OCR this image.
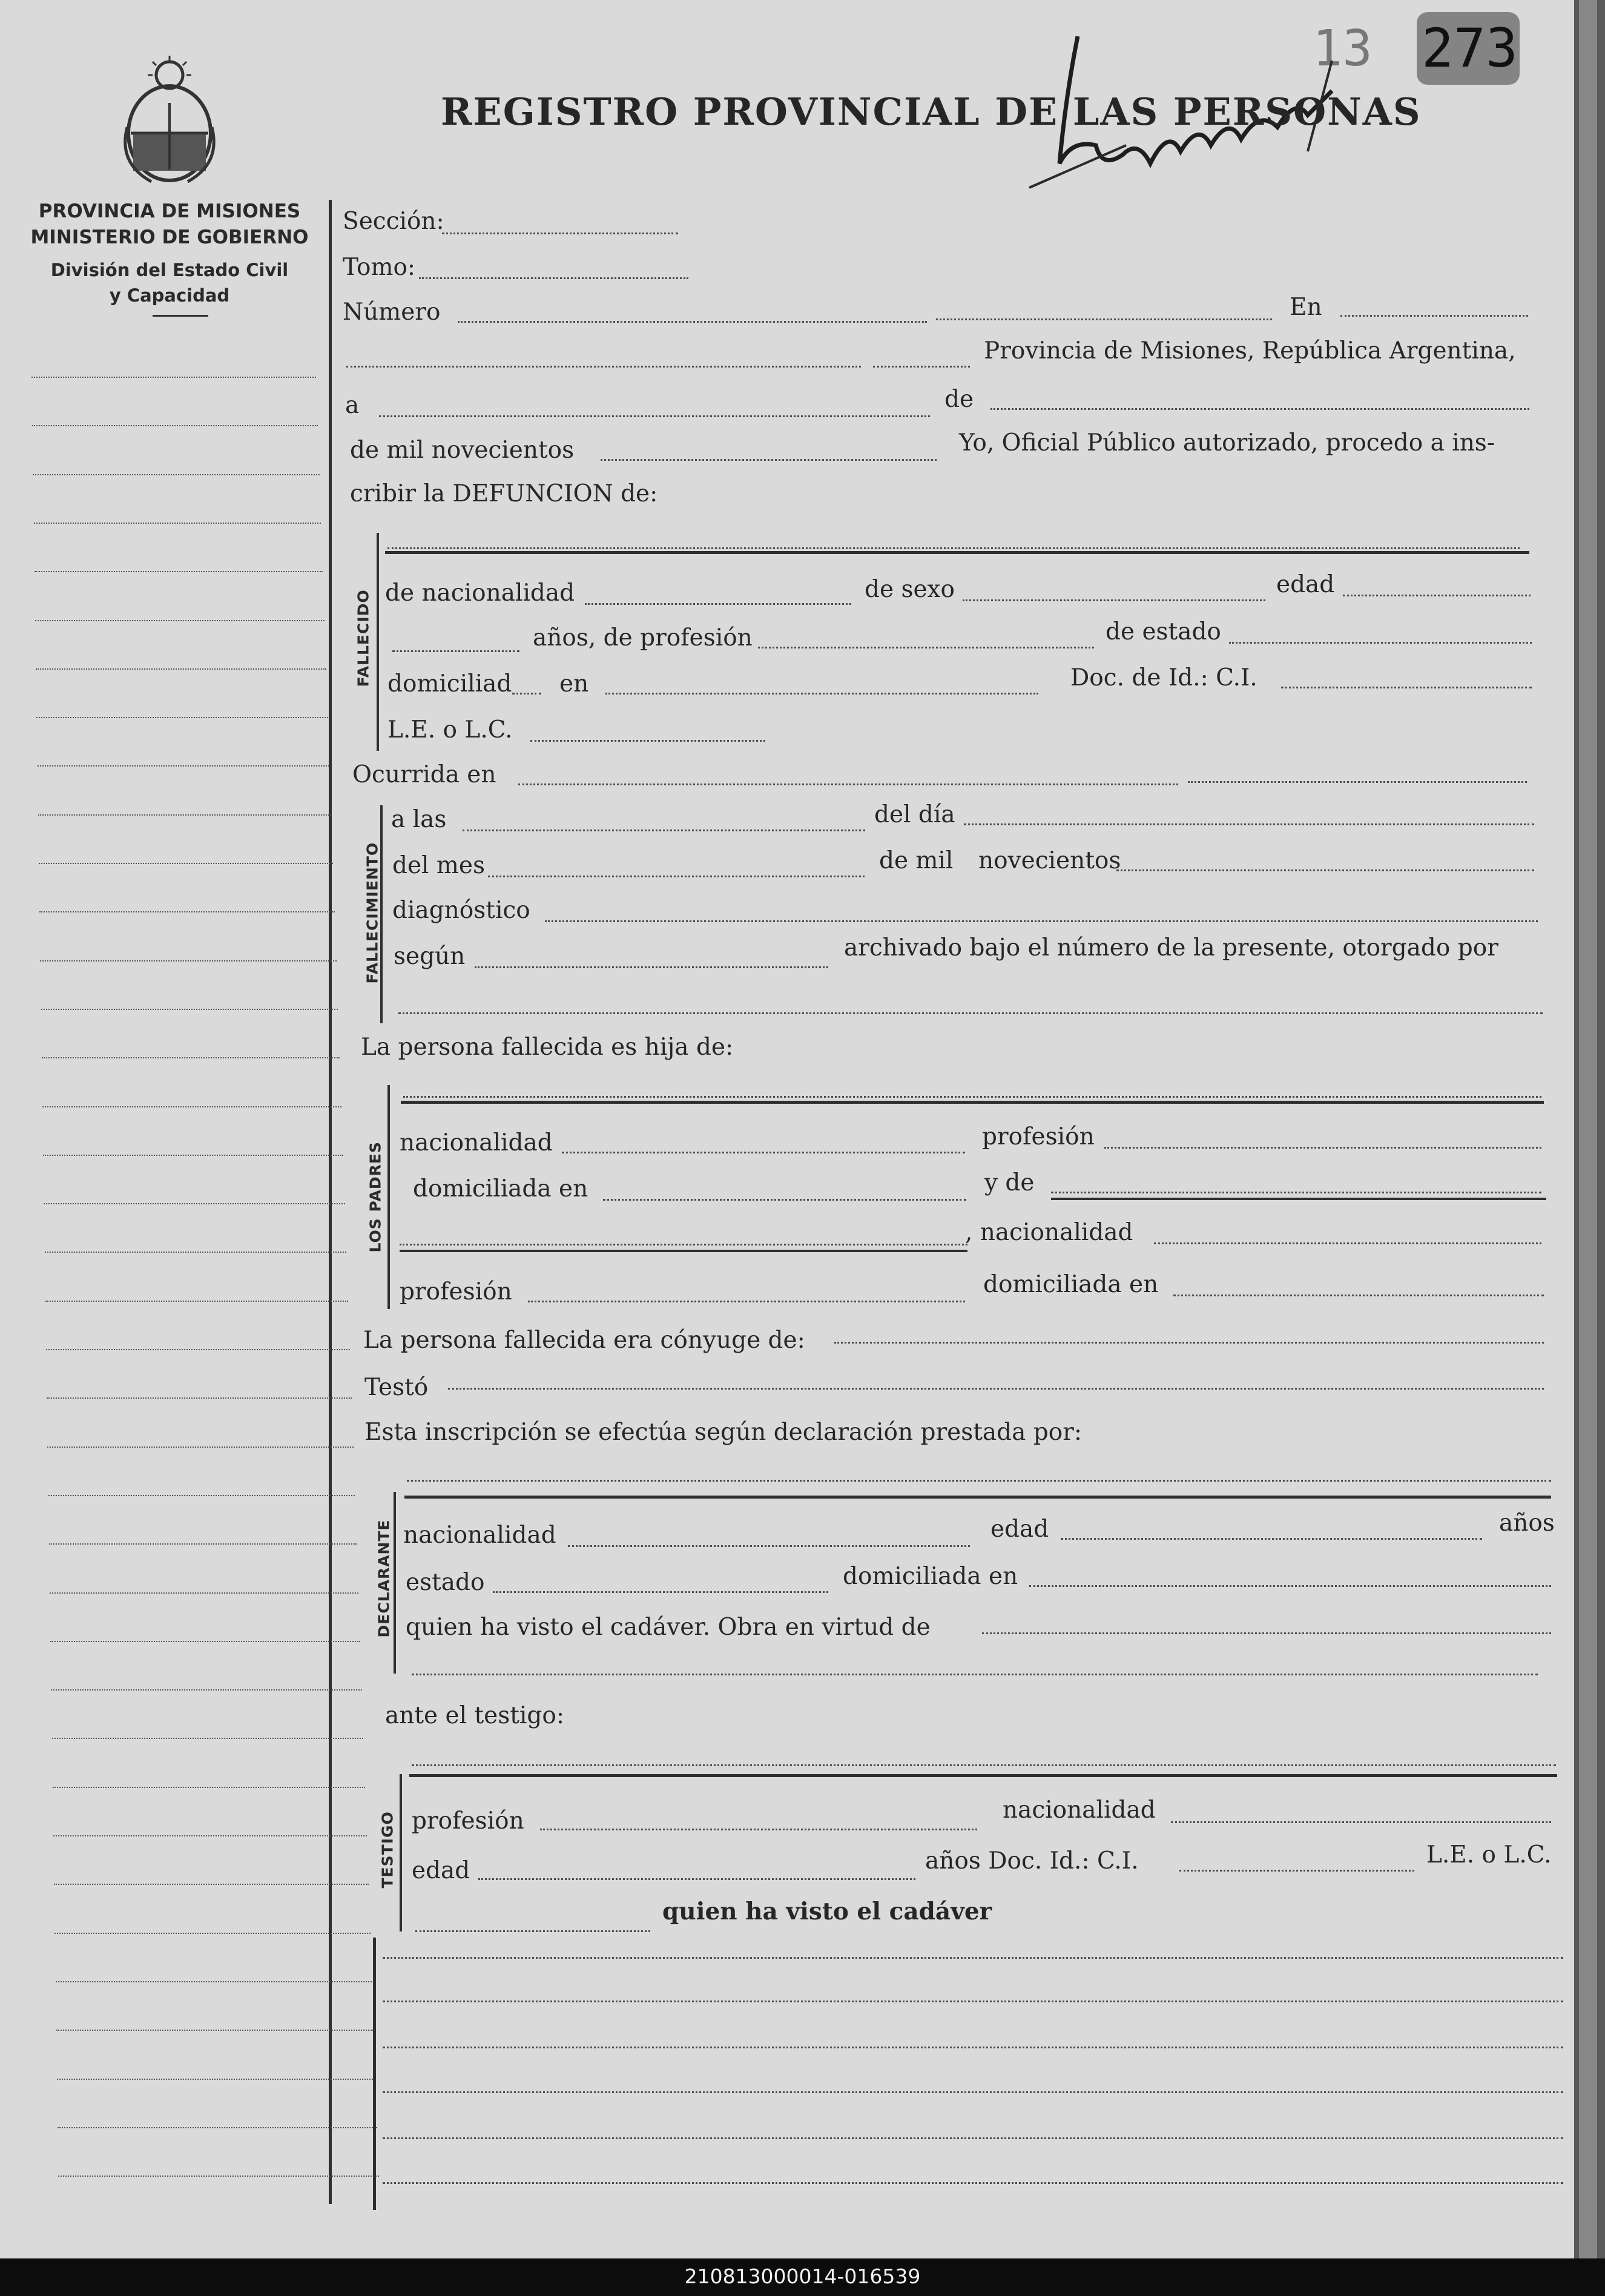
13 273
REGISTRO PROVINCIAL DE LAS PERSONAS
PROVINCIA DE MISIONES
MINISTERIO DE GOBIERNO
División del Estado Civil
y Capacidad
Sección:
Tomo:
Número	En
Provincia de Misiones, República Argentina,
a	de
de mil novecientos	Yo, Oficial Público autorizado, procedo a ins-
cribir la DEFUNCION de:
FALLECIDO de nacionalidad	de sexo	edad
años, de profesión	de estado
domiciliad en	Doc. de Id.: C.I.
L.E. o L.C.
Ocurrida en
FALLECIMIENTO
a las	del día
del mes	de mil novecientos
diagnóstico
según	archivado bajo el número de la presente, otorgado por
La persona fallecida es hija de:
LOS PADRES nacionalidad	profesión
domiciliada en	y de
, nacionalidad
profesión	domiciliada en
La persona fallecida era cónyuge de:
Testó
Esta inscripción se efectúa según declaración prestada por:
DECLARANTE nacionalidad	edad	años
estado	domiciliada en
quien ha visto el cadáver. Obra en virtud de
ante el testigo:
TESTIGO profesión	nacionalidad
edad	años Doc. Id.: C.I.	L.E. o L.C.
quien ha visto el cadáver
210813000014-016539
